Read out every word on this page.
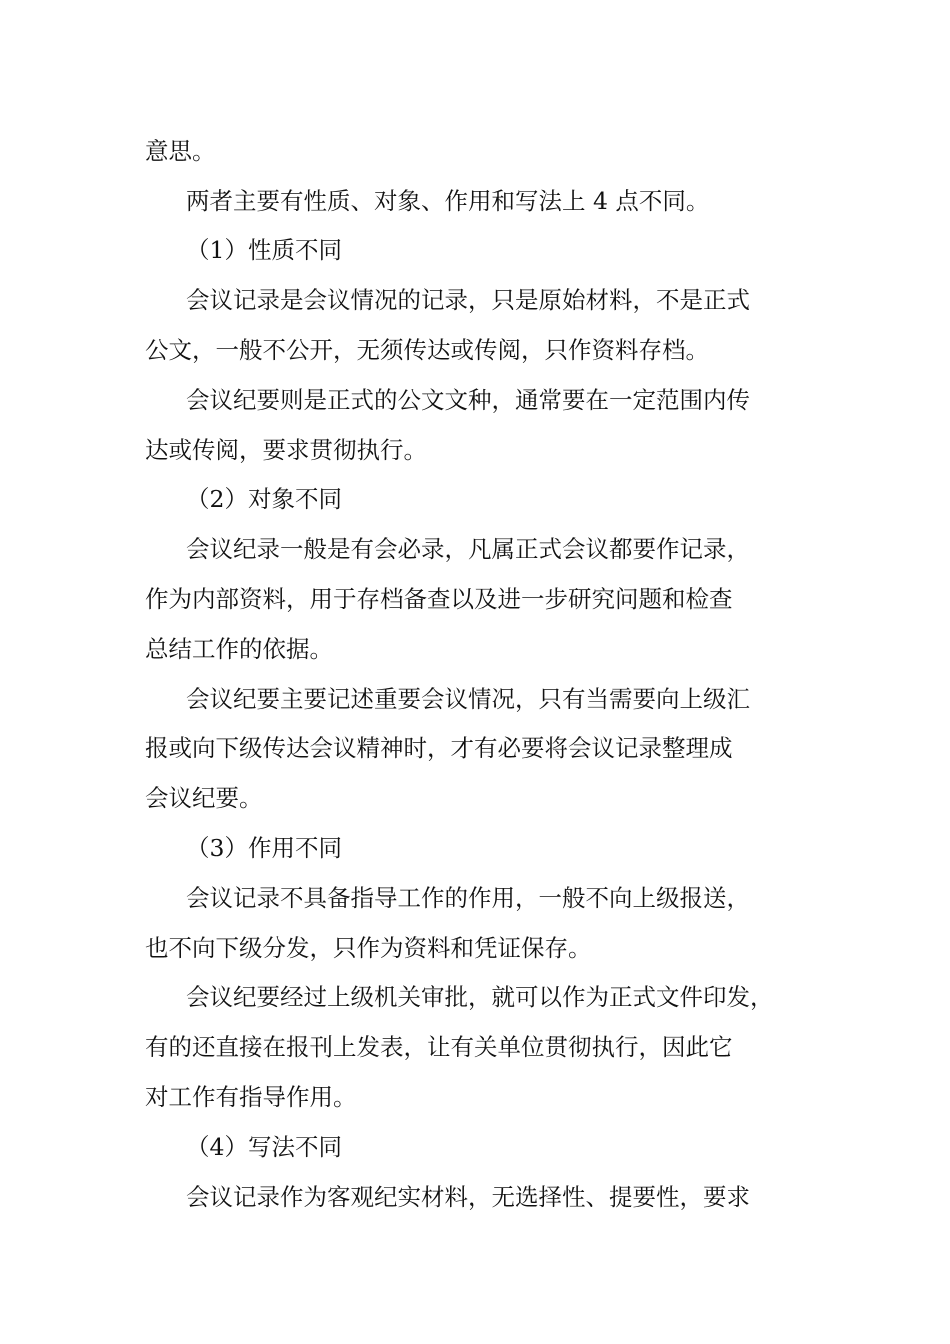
意思。
两者主要有性质、对象、作用和写法上 4 点不同。
（1）性质不同
会议记录是会议情况的记录，只是原始材料，不是正式
公文，一般不公开，无须传达或传阅，只作资料存档。
会议纪要则是正式的公文文种，通常要在一定范围内传
达或传阅，要求贯彻执行。
（2）对象不同
会议纪录一般是有会必录，凡属正式会议都要作记录，
作为内部资料，用于存档备查以及进一步研究问题和检查
总结工作的依据。
会议纪要主要记述重要会议情况，只有当需要向上级汇
报或向下级传达会议精神时，才有必要将会议记录整理成
会议纪要。
（3）作用不同
会议记录不具备指导工作的作用，一般不向上级报送，
也不向下级分发，只作为资料和凭证保存。
会议纪要经过上级机关审批，就可以作为正式文件印发，
有的还直接在报刊上发表，让有关单位贯彻执行，因此它
对工作有指导作用。
（4）写法不同
会议记录作为客观纪实材料，无选择性、提要性，要求
